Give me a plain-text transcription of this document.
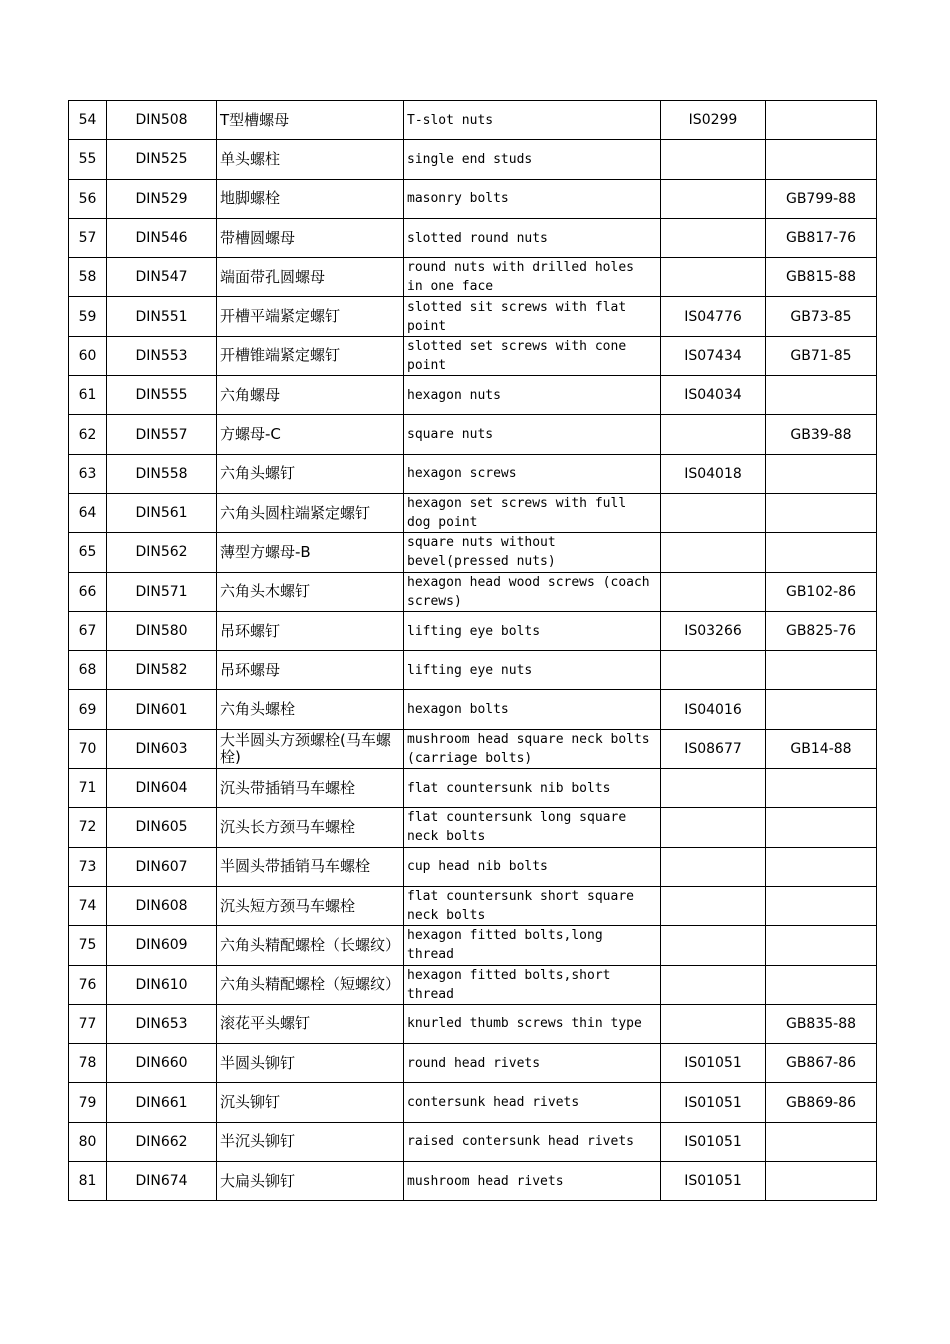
54	DIN508	T型槽螺母	T-slot nuts	IS0299	
55	DIN525	单头螺柱	single end studs		
56	DIN529	地脚螺栓	masonry bolts		GB799-88
57	DIN546	带槽圆螺母	slotted round nuts		GB817-76
58	DIN547	端面带孔圆螺母	round nuts with drilled holes in one face		GB815-88
59	DIN551	开槽平端紧定螺钉	slotted sit screws with flat point	IS04776	GB73-85
60	DIN553	开槽锥端紧定螺钉	slotted set screws with cone point	IS07434	GB71-85
61	DIN555	六角螺母	hexagon nuts	IS04034	
62	DIN557	方螺母-C	square nuts		GB39-88
63	DIN558	六角头螺钉	hexagon screws	IS04018	
64	DIN561	六角头圆柱端紧定螺钉	hexagon set screws with full dog point		
65	DIN562	薄型方螺母-B	square nuts without bevel(pressed nuts)		
66	DIN571	六角头木螺钉	hexagon head wood screws (coach screws)		GB102-86
67	DIN580	吊环螺钉	lifting eye bolts	IS03266	GB825-76
68	DIN582	吊环螺母	lifting eye nuts		
69	DIN601	六角头螺栓	hexagon bolts	IS04016	
70	DIN603	大半圆头方颈螺栓(马车螺栓)	mushroom head square neck bolts (carriage bolts)	IS08677	GB14-88
71	DIN604	沉头带插销马车螺栓	flat countersunk nib bolts		
72	DIN605	沉头长方颈马车螺栓	flat countersunk long square neck bolts		
73	DIN607	半圆头带插销马车螺栓	cup head nib bolts		
74	DIN608	沉头短方颈马车螺栓	flat countersunk short square neck bolts		
75	DIN609	六角头精配螺栓（长螺纹）	hexagon fitted bolts,long thread		
76	DIN610	六角头精配螺栓（短螺纹）	hexagon fitted bolts,short thread		
77	DIN653	滚花平头螺钉	knurled thumb screws thin type		GB835-88
78	DIN660	半圆头铆钉	round head rivets	IS01051	GB867-86
79	DIN661	沉头铆钉	contersunk head rivets	IS01051	GB869-86
80	DIN662	半沉头铆钉	raised contersunk head rivets	IS01051	
81	DIN674	大扁头铆钉	mushroom head rivets	IS01051	
